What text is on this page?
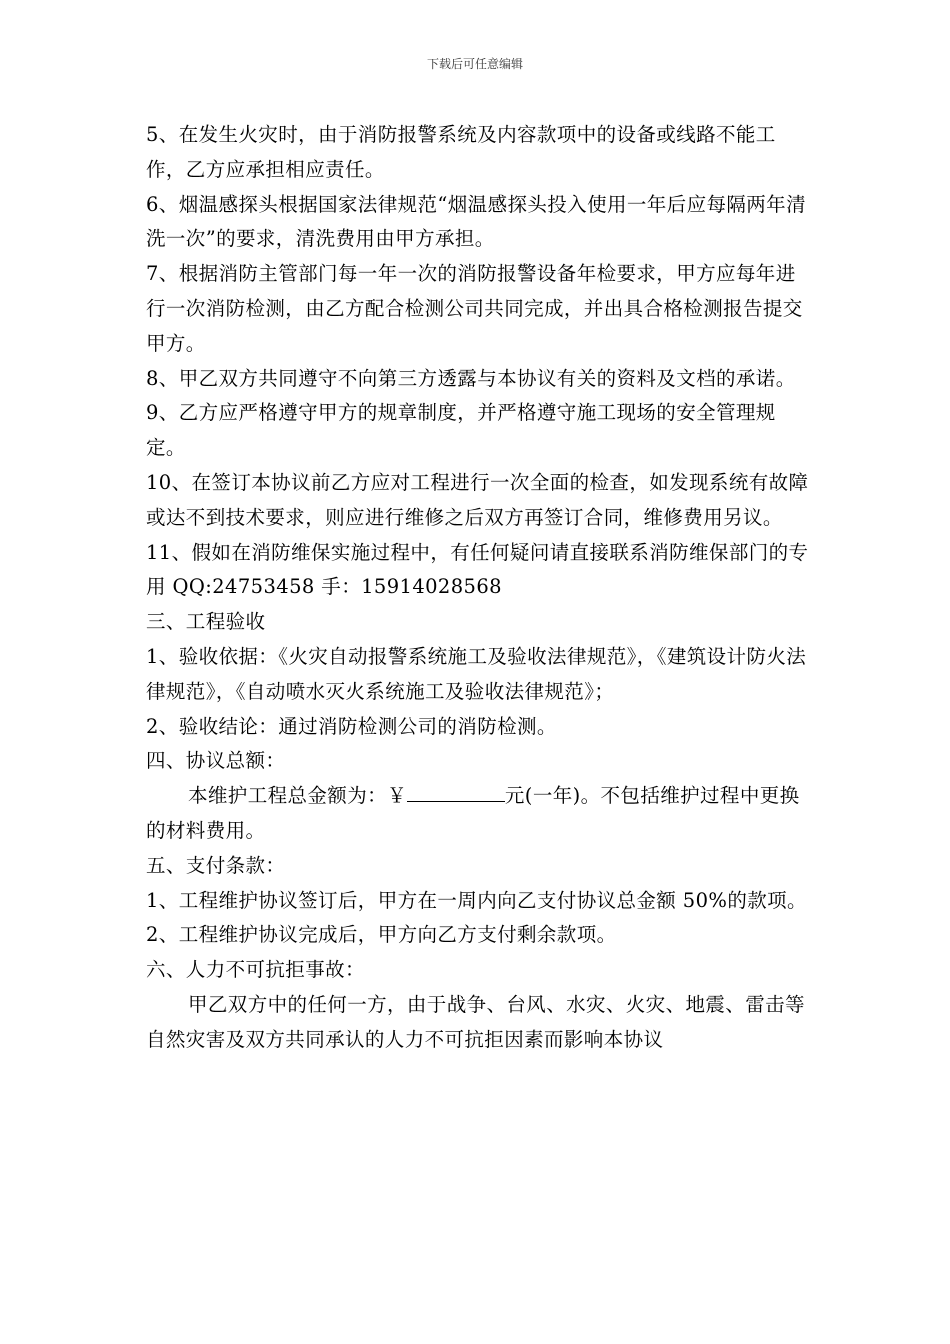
下载后可任意编辑

5、在发生火灾时，由于消防报警系统及内容款项中的设备或线路不能工作，乙方应承担相应责任。

6、烟温感探头根据国家法律规范“烟温感探头投入使用一年后应每隔两年清洗一次”的要求，清洗费用由甲方承担。

7、根据消防主管部门每一年一次的消防报警设备年检要求，甲方应每年进行一次消防检测，由乙方配合检测公司共同完成，并出具合格检测报告提交甲方。

8、甲乙双方共同遵守不向第三方透露与本协议有关的资料及文档的承诺。

9、乙方应严格遵守甲方的规章制度，并严格遵守施工现场的安全管理规定。

10、在签订本协议前乙方应对工程进行一次全面的检查，如发现系统有故障或达不到技术要求，则应进行维修之后双方再签订合同，维修费用另议。

11、假如在消防维保实施过程中，有任何疑问请直接联系消防维保部门的专用 QQ:24753458 手：15914028568

三、工程验收

1、验收依据：《火灾自动报警系统施工及验收法律规范》，《建筑设计防火法律规范》，《自动喷水灭火系统施工及验收法律规范》；

2、验收结论：通过消防检测公司的消防检测。

四、协议总额：

本维护工程总金额为：￥	元(一年)。不包括维护过程中更换的材料费用。

五、支付条款：

1、工程维护协议签订后，甲方在一周内向乙支付协议总金额 50%的款项。

2、工程维护协议完成后，甲方向乙方支付剩余款项。

六、人力不可抗拒事故：

甲乙双方中的任何一方，由于战争、台风、水灾、火灾、地震、雷击等自然灾害及双方共同承认的人力不可抗拒因素而影响本协议
